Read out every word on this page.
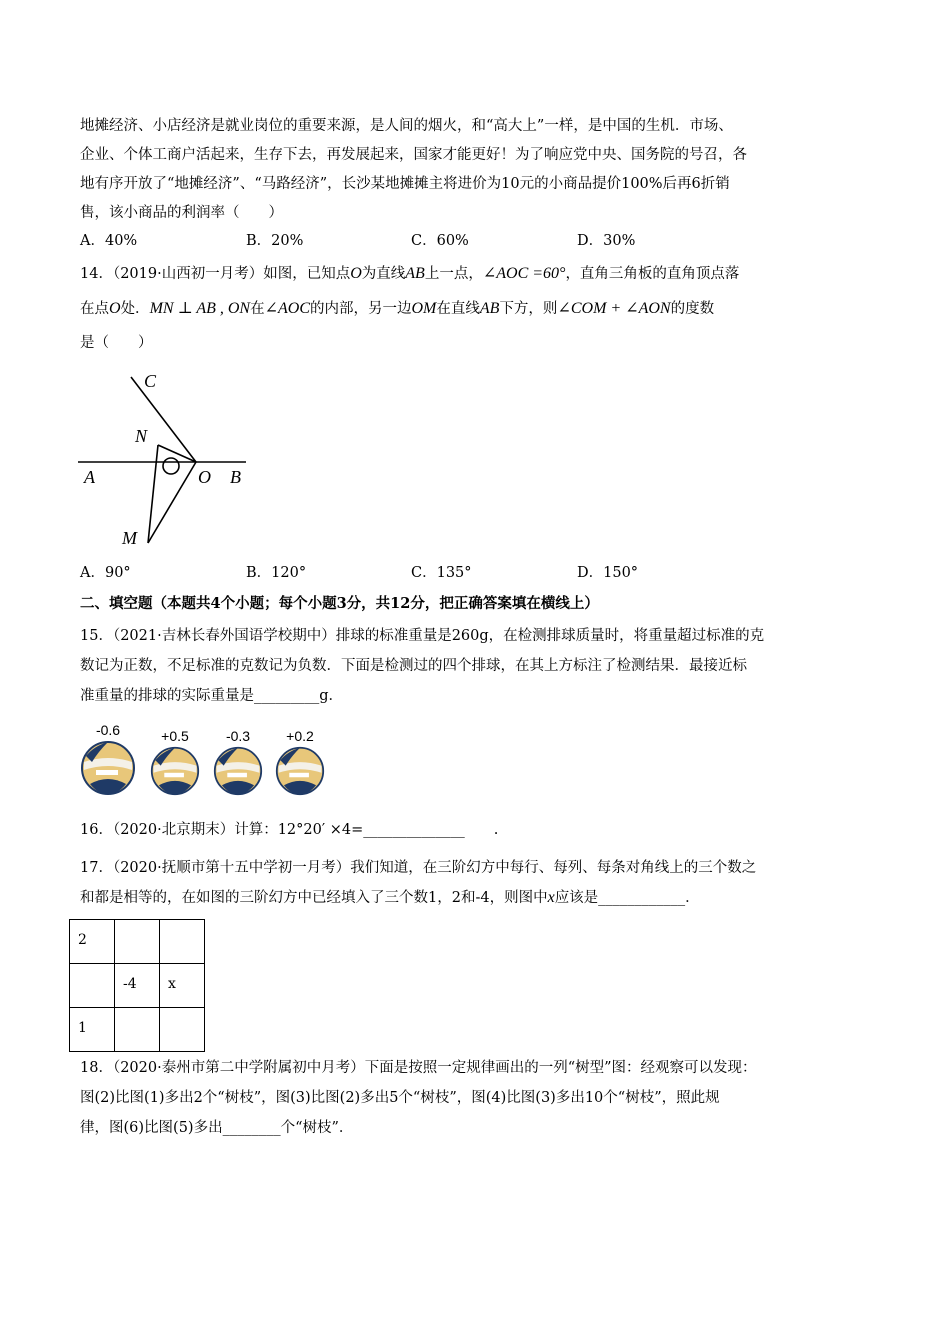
地摊经济、小店经济是就业岗位的重要来源，是人间的烟火，和“高大上”一样，是中国的生机．市场、
企业、个体工商户活起来，生存下去，再发展起来，国家才能更好！为了响应党中央、国务院的号召，各
地有序开放了“地摊经济”、“马路经济”，长沙某地摊摊主将进价为10元的小商品提价100%后再6折销
售，该小商品的利润率（　　）
A．40%	B．20%	C．60%	D．30%
14．（2019·山西初一月考）如图，已知点O为直线AB上一点，∠AOC =60°，直角三角板的直角顶点落
在点O处．MN ⊥ AB , ON在∠AOC的内部，另一边OM在直线AB下方，则∠COM + ∠AON的度数
是（　　）
C
N
A	O B
M
A．90°	B．120°	C．135°	D．150°
二、填空题（本题共4个小题；每个小题3分，共12分，把正确答案填在横线上）
15．（2021·吉林长春外国语学校期中）排球的标准重量是260g，在检测排球质量时，将重量超过标准的克
数记为正数，不足标准的克数记为负数．下面是检测过的四个排球，在其上方标注了检测结果．最接近标
准重量的排球的实际重量是_________g．
-0.6	+0.5	-0.3	+0.2
16．（2020·北京期末）计算：12°20′ ×4=______________　　.
17．（2020·抚顺市第十五中学初一月考）我们知道，在三阶幻方中每行、每列、每条对角线上的三个数之
和都是相等的，在如图的三阶幻方中已经填入了三个数1，2和-4，则图中x应该是____________．
2		
	-4	x
1		
18．（2020·泰州市第二中学附属初中月考）下面是按照一定规律画出的一列“树型”图：经观察可以发现：
图(2)比图(1)多出2个“树枝”，图(3)比图(2)多出5个“树枝”，图(4)比图(3)多出10个“树枝”，照此规
律，图(6)比图(5)多出________个“树枝”．
